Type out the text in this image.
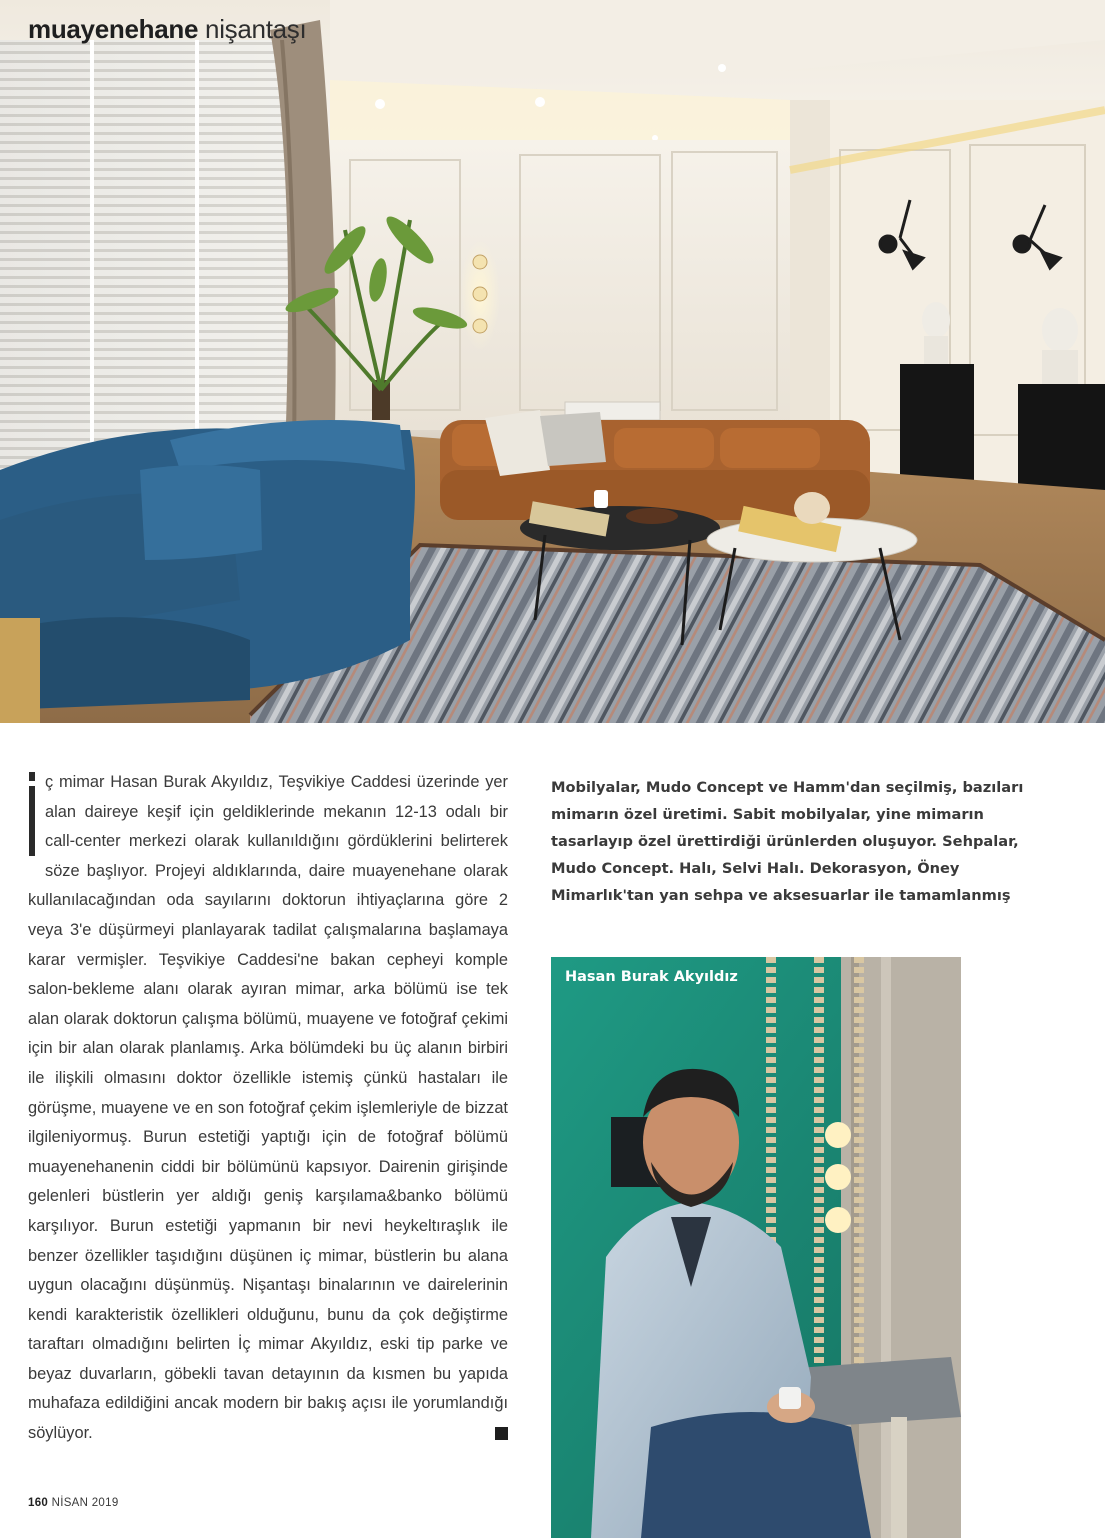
muayenehane nişantaşı
ç mimar Hasan Burak Akyıldız, Teşvikiye Caddesi üzerinde yer alan daireye keşif için geldiklerinde mekanın 12-13 odalı bir call-center merkezi olarak kullanıldığını gördüklerini belirterek söze başlıyor. Projeyi aldıklarında, daire muayenehane olarak kullanılacağından oda sayılarını doktorun ihtiyaçlarına göre 2 veya 3'e düşürmeyi planlayarak tadilat çalışmalarına başlamaya karar vermişler. Teşvikiye Caddesi'ne bakan cepheyi komple salon-bekleme alanı olarak ayıran mimar, arka bölümü ise tek alan olarak doktorun çalışma bölümü, muayene ve fotoğraf çekimi için bir alan olarak planlamış. Arka bölümdeki bu üç alanın birbiri ile ilişkili olmasını doktor özellikle istemiş çünkü hastaları ile görüşme, muayene ve en son fotoğraf çekim işlemleriyle de bizzat ilgileniyormuş. Burun estetiği yaptığı için de fotoğraf bölümü muayenehanenin ciddi bir bölümünü kapsıyor. Dairenin girişinde gelenleri büstlerin yer aldığı geniş karşılama&banko bölümü karşılıyor. Burun estetiği yapmanın bir nevi heykeltıraşlık ile benzer özellikler taşıdığını düşünen iç mimar, büstlerin bu alana uygun olacağını düşünmüş. Nişantaşı binalarının ve dairelerinin kendi karakteristik özellikleri olduğunu, bunu da çok değiştirme taraftarı olmadığını belirten İç mimar Akyıldız, eski tip parke ve beyaz duvarların, göbekli tavan detayının da kısmen bu yapıda muhafaza edildiğini ancak modern bir bakış açısı ile yorumlandığı söylüyor.
Mobilyalar, Mudo Concept ve Hamm'dan seçilmiş, bazıları mimarın özel üretimi. Sabit mobilyalar, yine mimarın tasarlayıp özel ürettirdiği ürünlerden oluşuyor. Sehpalar, Mudo Concept. Halı, Selvi Halı. Dekorasyon, Öney Mimarlık'tan yan sehpa ve aksesuarlar ile tamamlanmış
Hasan Burak Akyıldız
160 NİSAN 2019
